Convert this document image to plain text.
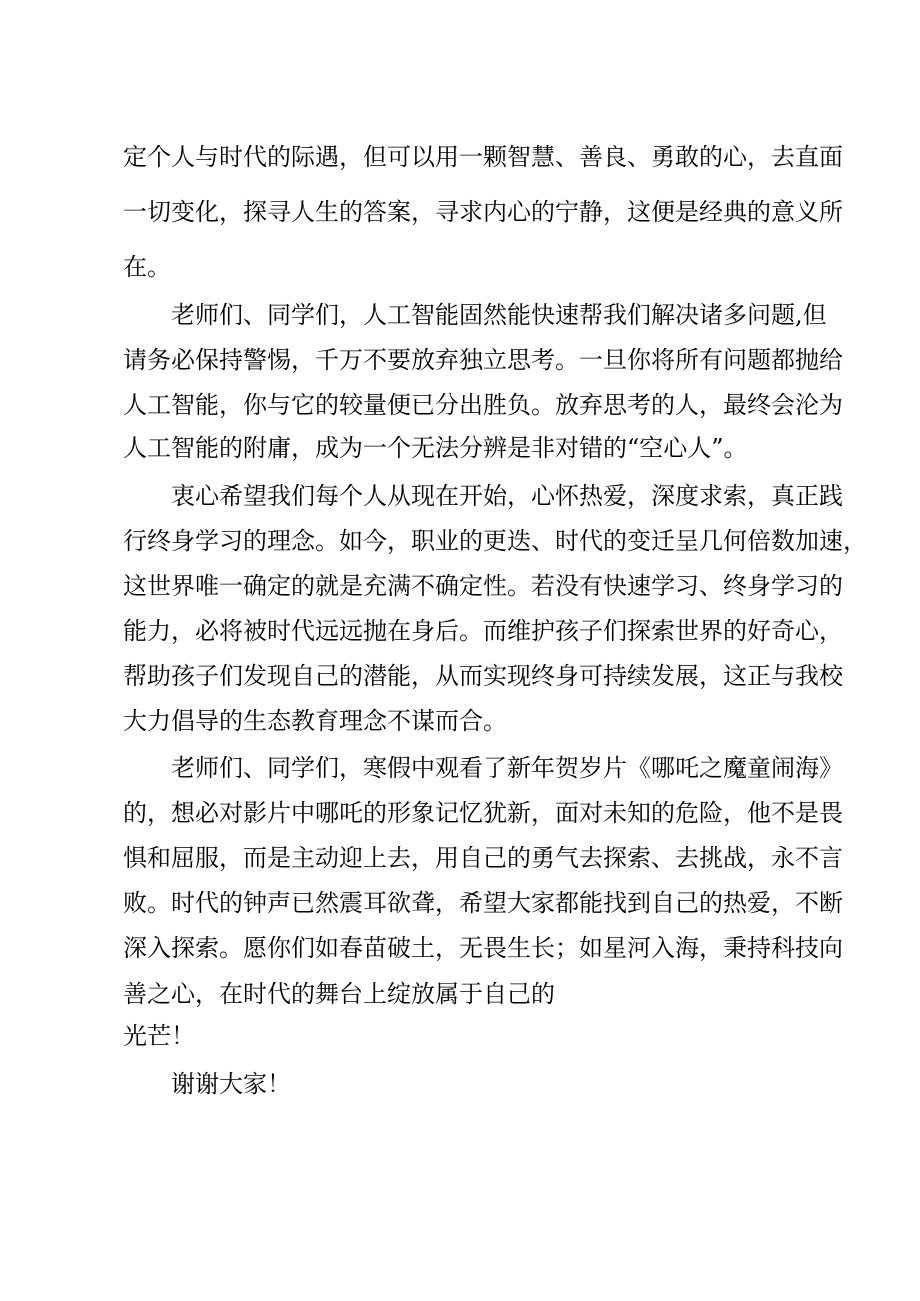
定个人与时代的际遇，但可以用一颗智慧、善良、勇敢的心，去直面
一切变化，探寻人生的答案，寻求内心的宁静，这便是经典的意义所
在。
老师们、同学们，人工智能固然能快速帮我们解决诸多问题,但
请务必保持警惕，千万不要放弃独立思考。一旦你将所有问题都抛给
人工智能，你与它的较量便已分出胜负。放弃思考的人，最终会沦为
人工智能的附庸，成为一个无法分辨是非对错的“空心人”。
衷心希望我们每个人从现在开始，心怀热爱，深度求索，真正践
行终身学习的理念。如今，职业的更迭、时代的变迁呈几何倍数加速，
这世界唯一确定的就是充满不确定性。若没有快速学习、终身学习的
能力，必将被时代远远抛在身后。而维护孩子们探索世界的好奇心，
帮助孩子们发现自己的潜能，从而实现终身可持续发展，这正与我校
大力倡导的生态教育理念不谋而合。
老师们、同学们，寒假中观看了新年贺岁片《哪吒之魔童闹海》
的，想必对影片中哪吒的形象记忆犹新，面对未知的危险，他不是畏
惧和屈服，而是主动迎上去，用自己的勇气去探索、去挑战，永不言
败。时代的钟声已然震耳欲聋，希望大家都能找到自己的热爱，不断
深入探索。愿你们如春苗破土，无畏生长；如星河入海，秉持科技向
善之心，在时代的舞台上绽放属于自己的
光芒！
谢谢大家！
